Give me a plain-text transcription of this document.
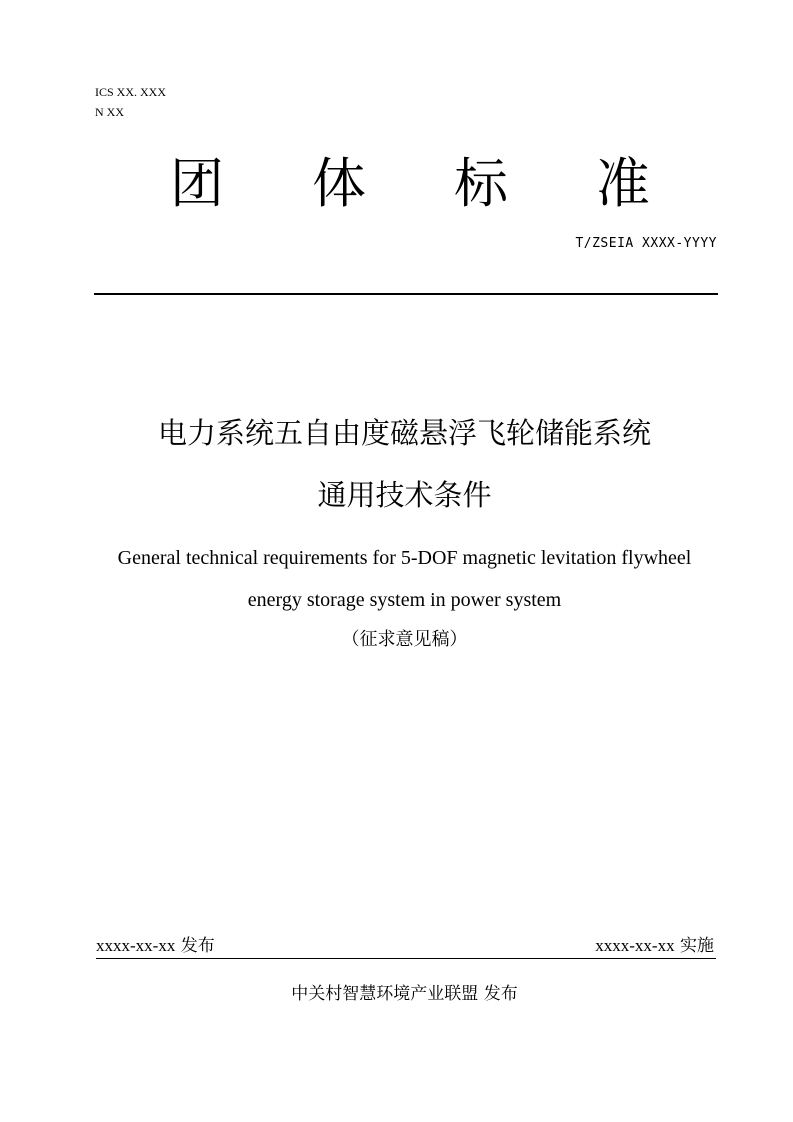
ICS XX. XXX
N XX
团 体 标 准
T/ZSEIA XXXX-YYYY
电力系统五自由度磁悬浮飞轮储能系统
通用技术条件
General technical requirements for 5-DOF magnetic levitation flywheel
energy storage system in power system
（征求意见稿）
xxxx-xx-xx 发布	xxxx-xx-xx 实施
中关村智慧环境产业联盟 发布
